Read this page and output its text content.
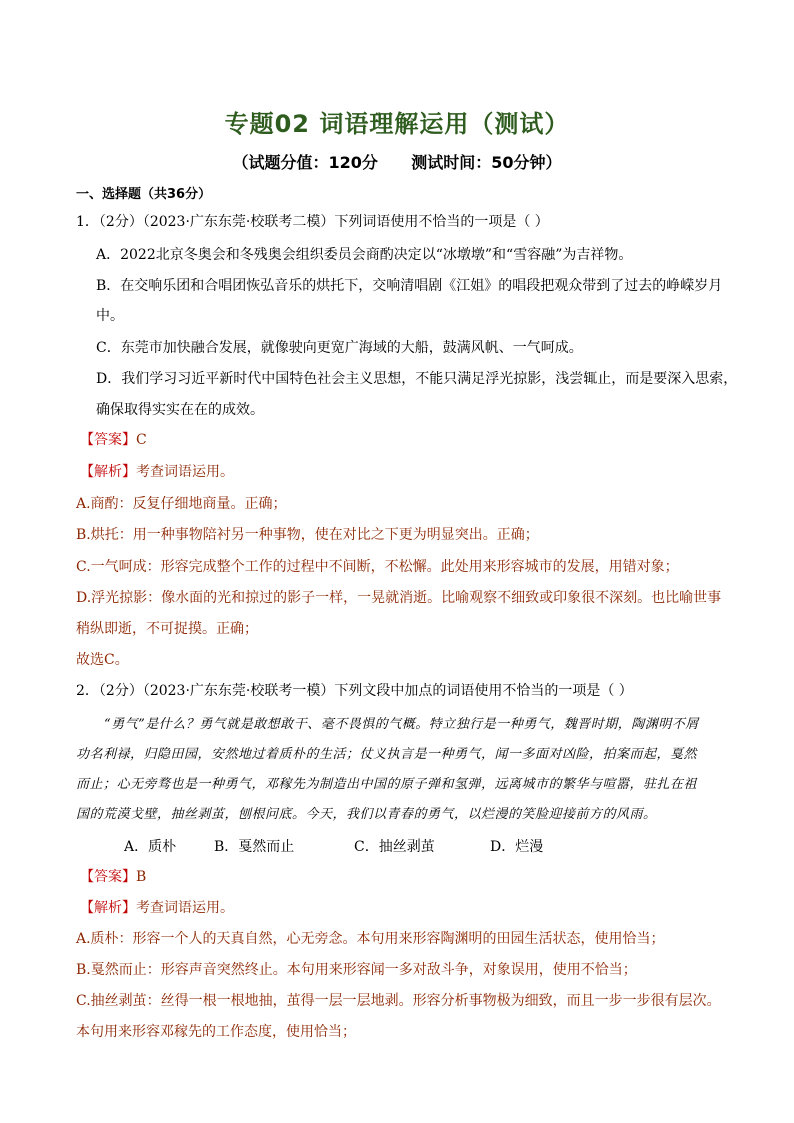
专题02 词语理解运用（测试）
（试题分值：120分      测试时间：50分钟）
一、选择题（共36分）
1．（2分）（2023·广东东莞·校联考二模）下列词语使用不恰当的一项是（ ）
A．2022北京冬奥会和冬残奥会组织委员会商酌决定以“冰墩墩”和“雪容融”为吉祥物。
B．在交响乐团和合唱团恢弘音乐的烘托下，交响清唱剧《江姐》的唱段把观众带到了过去的峥嵘岁月
中。
C．东莞市加快融合发展，就像驶向更宽广海域的大船，鼓满风帆、一气呵成。
D．我们学习习近平新时代中国特色社会主义思想，不能只满足浮光掠影，浅尝辄止，而是要深入思索，
确保取得实实在在的成效。
【答案】C
【解析】考查词语运用。
A.商酌：反复仔细地商量。正确；
B.烘托：用一种事物陪衬另一种事物，使在对比之下更为明显突出。正确；
C.一气呵成：形容完成整个工作的过程中不间断，不松懈。此处用来形容城市的发展，用错对象；
D.浮光掠影：像水面的光和掠过的影子一样，一晃就消逝。比喻观察不细致或印象很不深刻。也比喻世事
稍纵即逝，不可捉摸。正确；
故选C。
2．（2分）（2023·广东东莞·校联考一模）下列文段中加点的词语使用不恰当的一项是（ ）
“勇气”是什么？勇气就是敢想敢干、毫不畏惧的气概。特立独行是一种勇气，魏晋时期，陶渊明不屑
功名利禄，归隐田园，安然地过着质朴的生活；仗义执言是一种勇气，闻一多面对凶险，拍案而起，戛然
而止；心无旁骛也是一种勇气，邓稼先为制造出中国的原子弹和氢弹，远离城市的繁华与喧嚣，驻扎在祖
国的荒漠戈壁，抽丝剥茧，刨根问底。今天，我们以青春的勇气，以烂漫的笑脸迎接前方的风雨。
A．质朴	B．戛然而止	C．抽丝剥茧	D．烂漫
【答案】B
【解析】考查词语运用。
A.质朴：形容一个人的天真自然，心无旁念。本句用来形容陶渊明的田园生活状态，使用恰当；
B.戛然而止：形容声音突然终止。本句用来形容闻一多对敌斗争，对象误用，使用不恰当；
C.抽丝剥茧：丝得一根一根地抽，茧得一层一层地剥。形容分析事物极为细致，而且一步一步很有层次。
本句用来形容邓稼先的工作态度，使用恰当；
